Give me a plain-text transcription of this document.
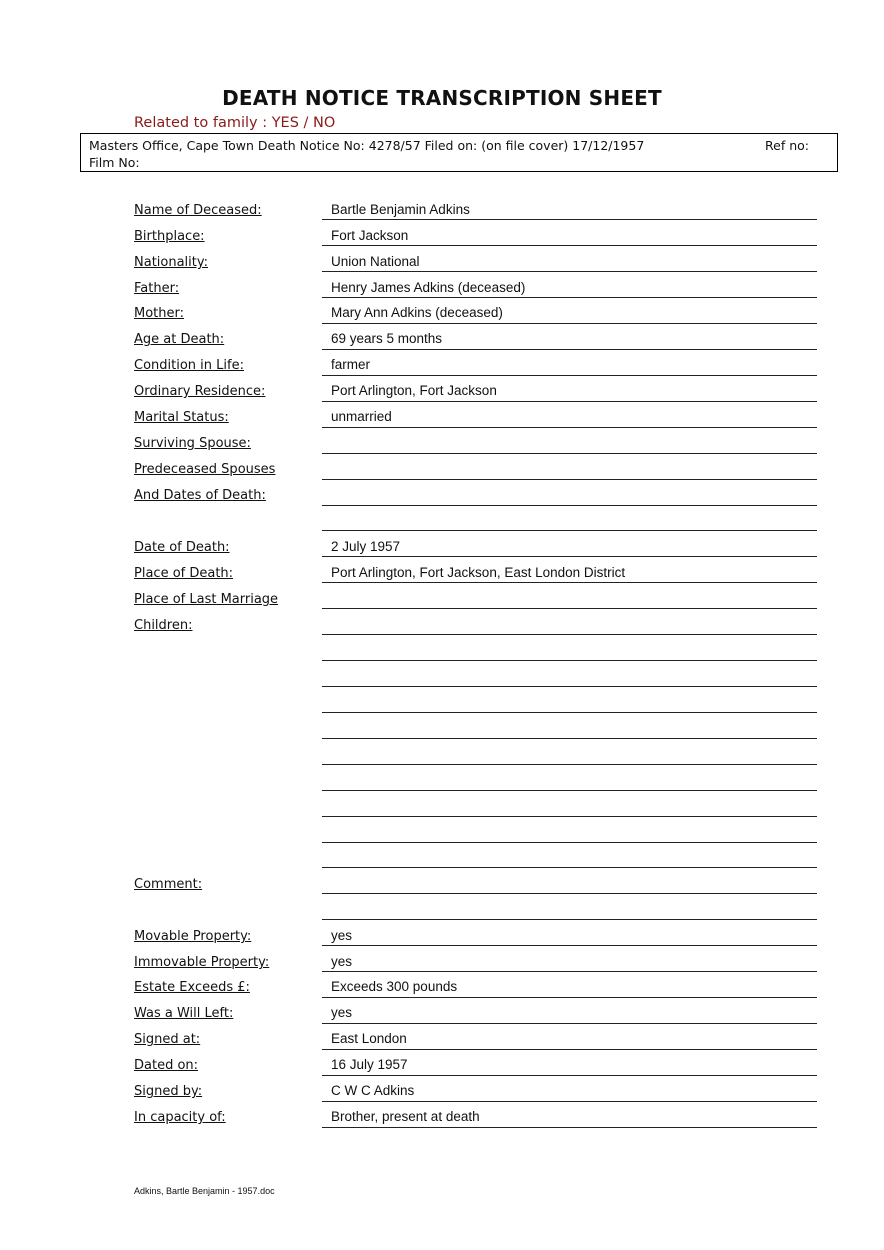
DEATH NOTICE TRANSCRIPTION SHEET
Related to family : YES / NO
Masters Office, Cape Town Death Notice No: 4278/57 Filed on: (on file cover) 17/12/1957	Ref no:
Film No:
Name of Deceased:	Bartle Benjamin Adkins
Birthplace:	Fort Jackson
Nationality:	Union National
Father:	Henry James Adkins (deceased)
Mother:	Mary Ann Adkins (deceased)
Age at Death:	69 years 5 months
Condition in Life:	farmer
Ordinary Residence:	Port Arlington, Fort Jackson
Marital Status:	unmarried
Surviving Spouse:
Predeceased Spouses
And Dates of Death:
Date of Death:	2 July 1957
Place of Death:	Port Arlington, Fort Jackson, East London District
Place of Last Marriage
Children:
Comment:
Movable Property:	yes
Immovable Property:	yes
Estate Exceeds £:	Exceeds 300 pounds
Was a Will Left:	yes
Signed at:	East London
Dated on:	16 July 1957
Signed by:	C W C Adkins
In capacity of:	Brother, present at death
Adkins, Bartle Benjamin - 1957.doc
